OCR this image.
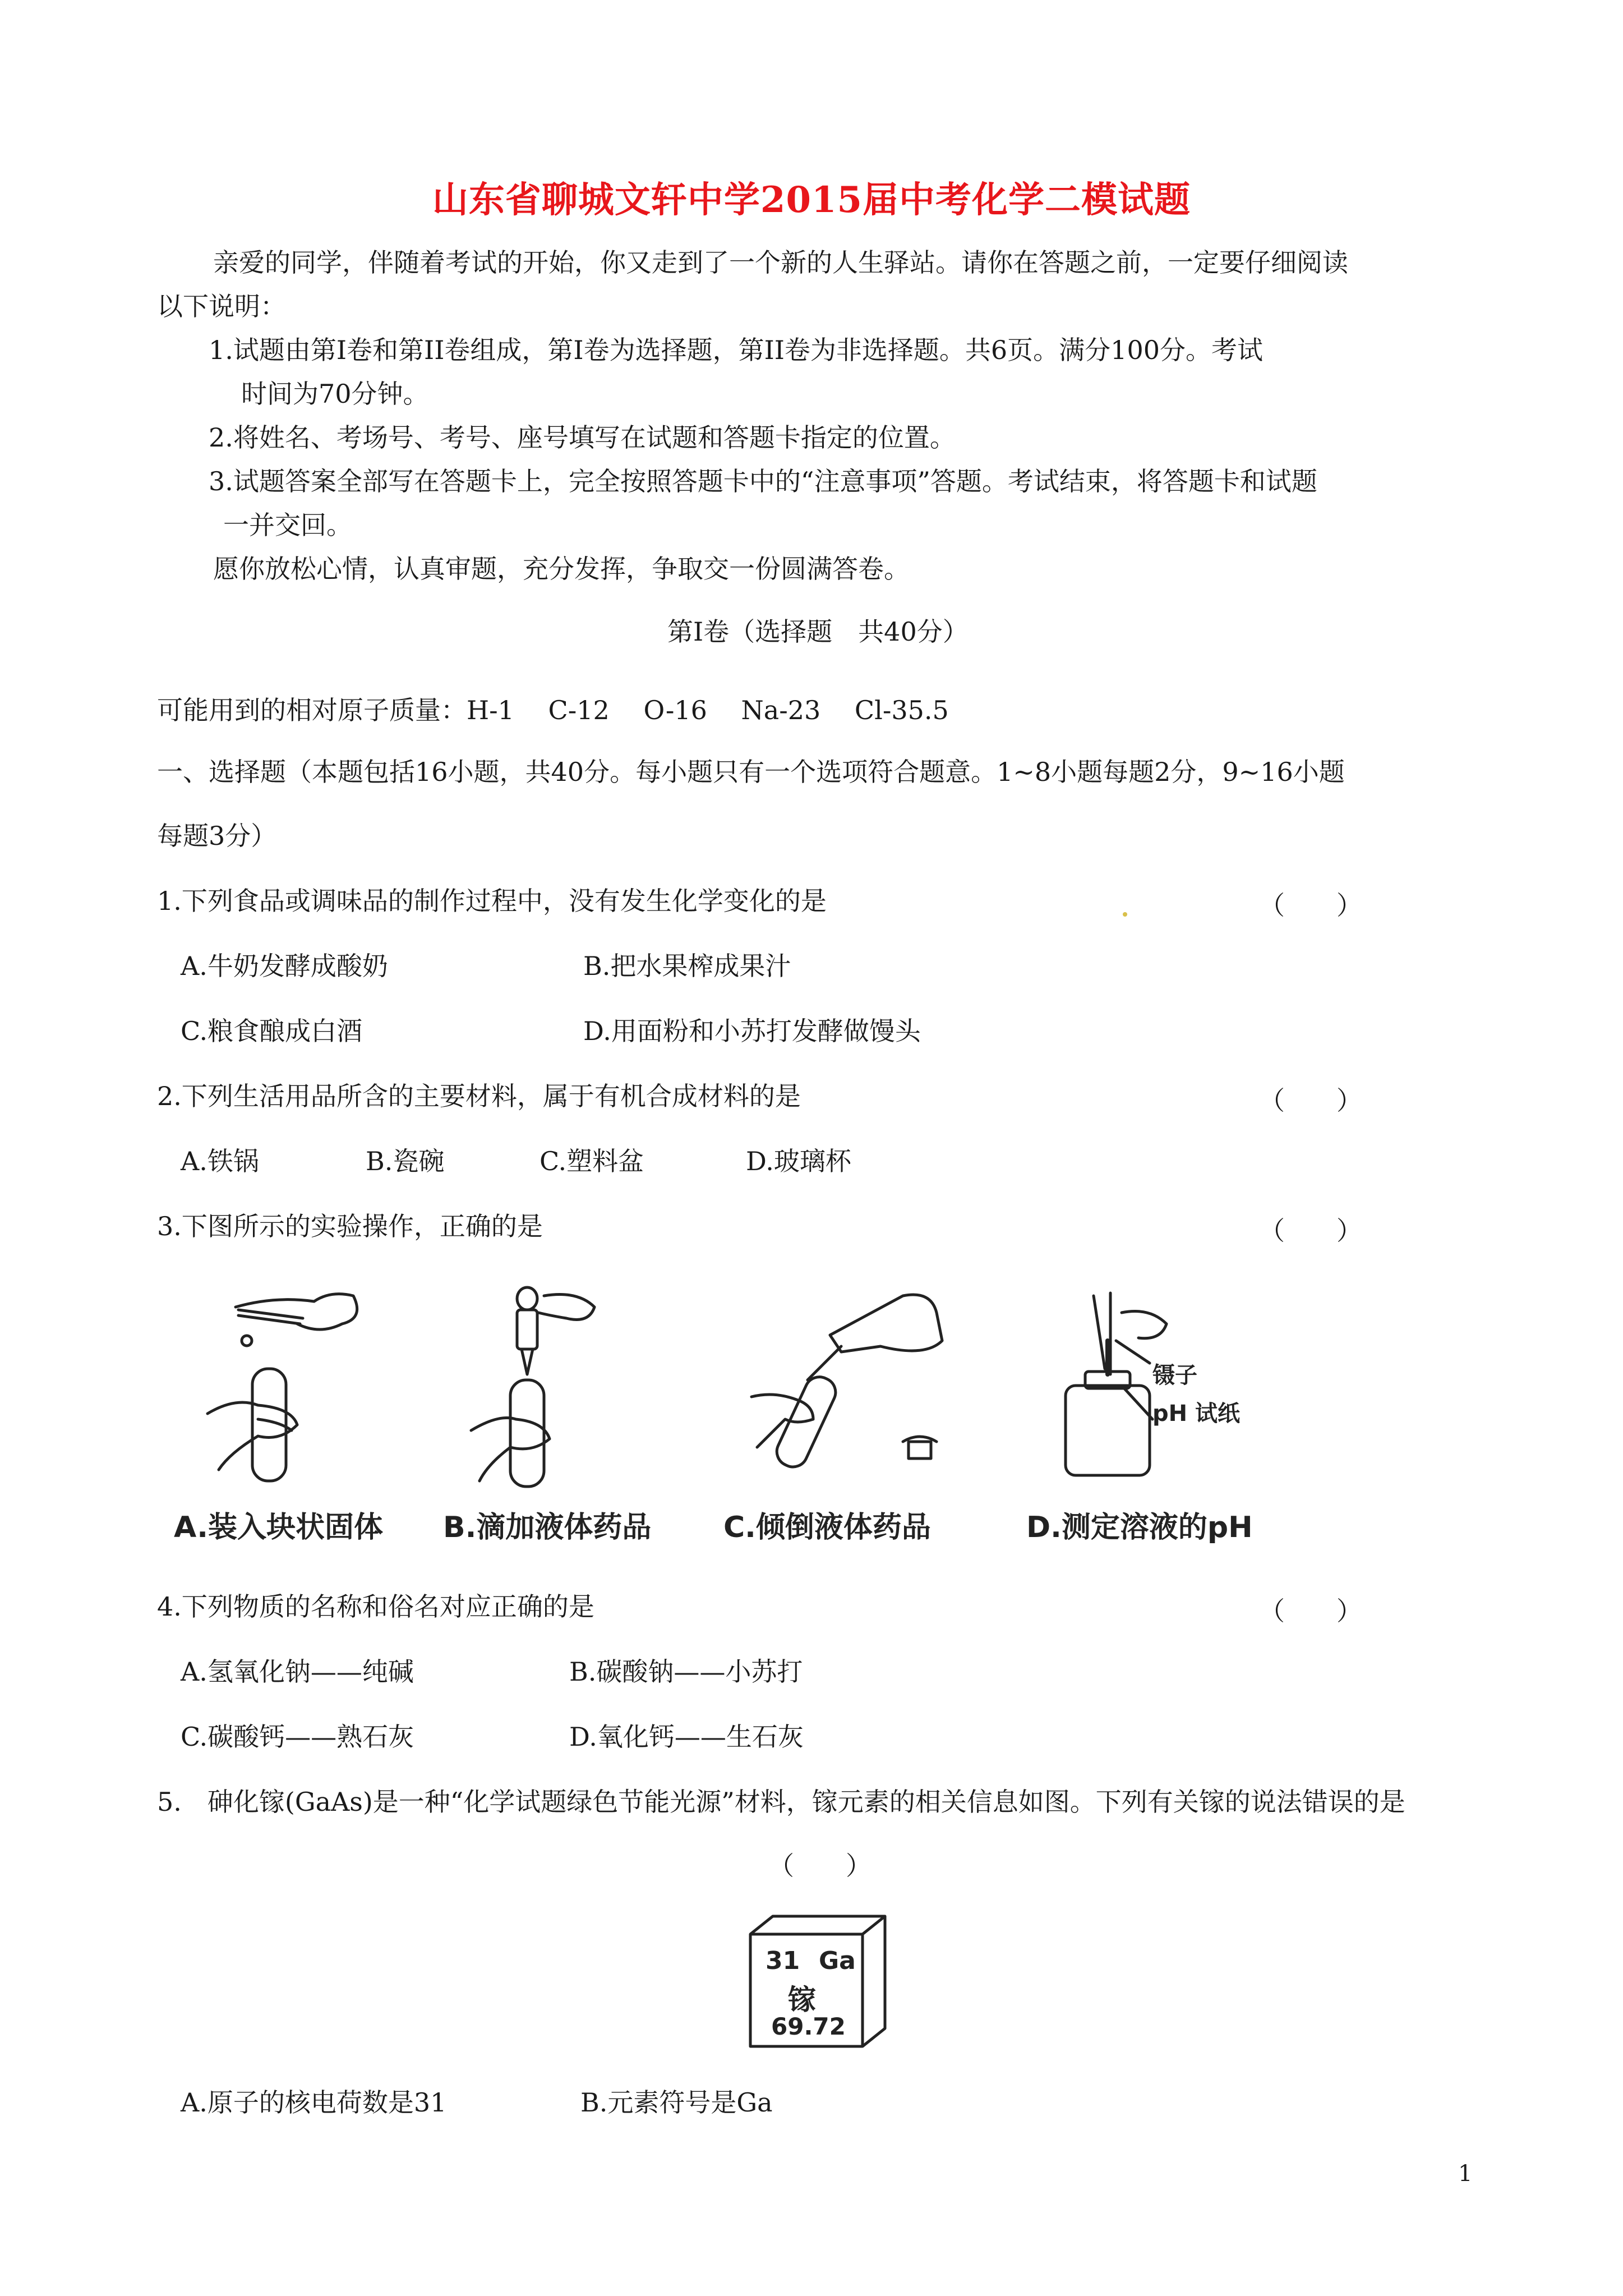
山东省聊城文轩中学2015届中考化学二模试题
亲爱的同学，伴随着考试的开始，你又走到了一个新的人生驿站。请你在答题之前，一定要仔细阅读
以下说明：
1.试题由第I卷和第II卷组成，第I卷为选择题，第II卷为非选择题。共6页。满分100分。考试
时间为70分钟。
2.将姓名、考场号、考号、座号填写在试题和答题卡指定的位置。
3.试题答案全部写在答题卡上，完全按照答题卡中的“注意事项”答题。考试结束，将答题卡和试题
一并交回。
愿你放松心情，认真审题，充分发挥，争取交一份圆满答卷。
第I卷（选择题　共40分）
可能用到的相对原子质量：H-1　 C-12　 O-16　 Na-23　 Cl-35.5
一、选择题（本题包括16小题，共40分。每小题只有一个选项符合题意。1~8小题每题2分，9~16小题
每题3分）
1.下列食品或调味品的制作过程中，没有发生化学变化的是	（　　）
A.牛奶发酵成酸奶	B.把水果榨成果汁
C.粮食酿成白酒	D.用面粉和小苏打发酵做馒头
2.下列生活用品所含的主要材料，属于有机合成材料的是	（　　）
A.铁锅	B.瓷碗	C.塑料盆	D.玻璃杯
3.下图所示的实验操作，正确的是	（　　）
A.装入块状固体 B.滴加液体药品 C.倾倒液体药品
镊子
pH 试纸
D.测定溶液的pH
4.下列物质的名称和俗名对应正确的是	（　　）
A.氢氧化钠——纯碱	B.碳酸钠——小苏打
C.碳酸钙——熟石灰	D.氧化钙——生石灰
5.　砷化镓(GaAs)是一种“化学试题绿色节能光源”材料，镓元素的相关信息如图。下列有关镓的说法错误的是
（　　）
31 Ga
镓
69.72
A.原子的核电荷数是31	B.元素符号是Ga
1
